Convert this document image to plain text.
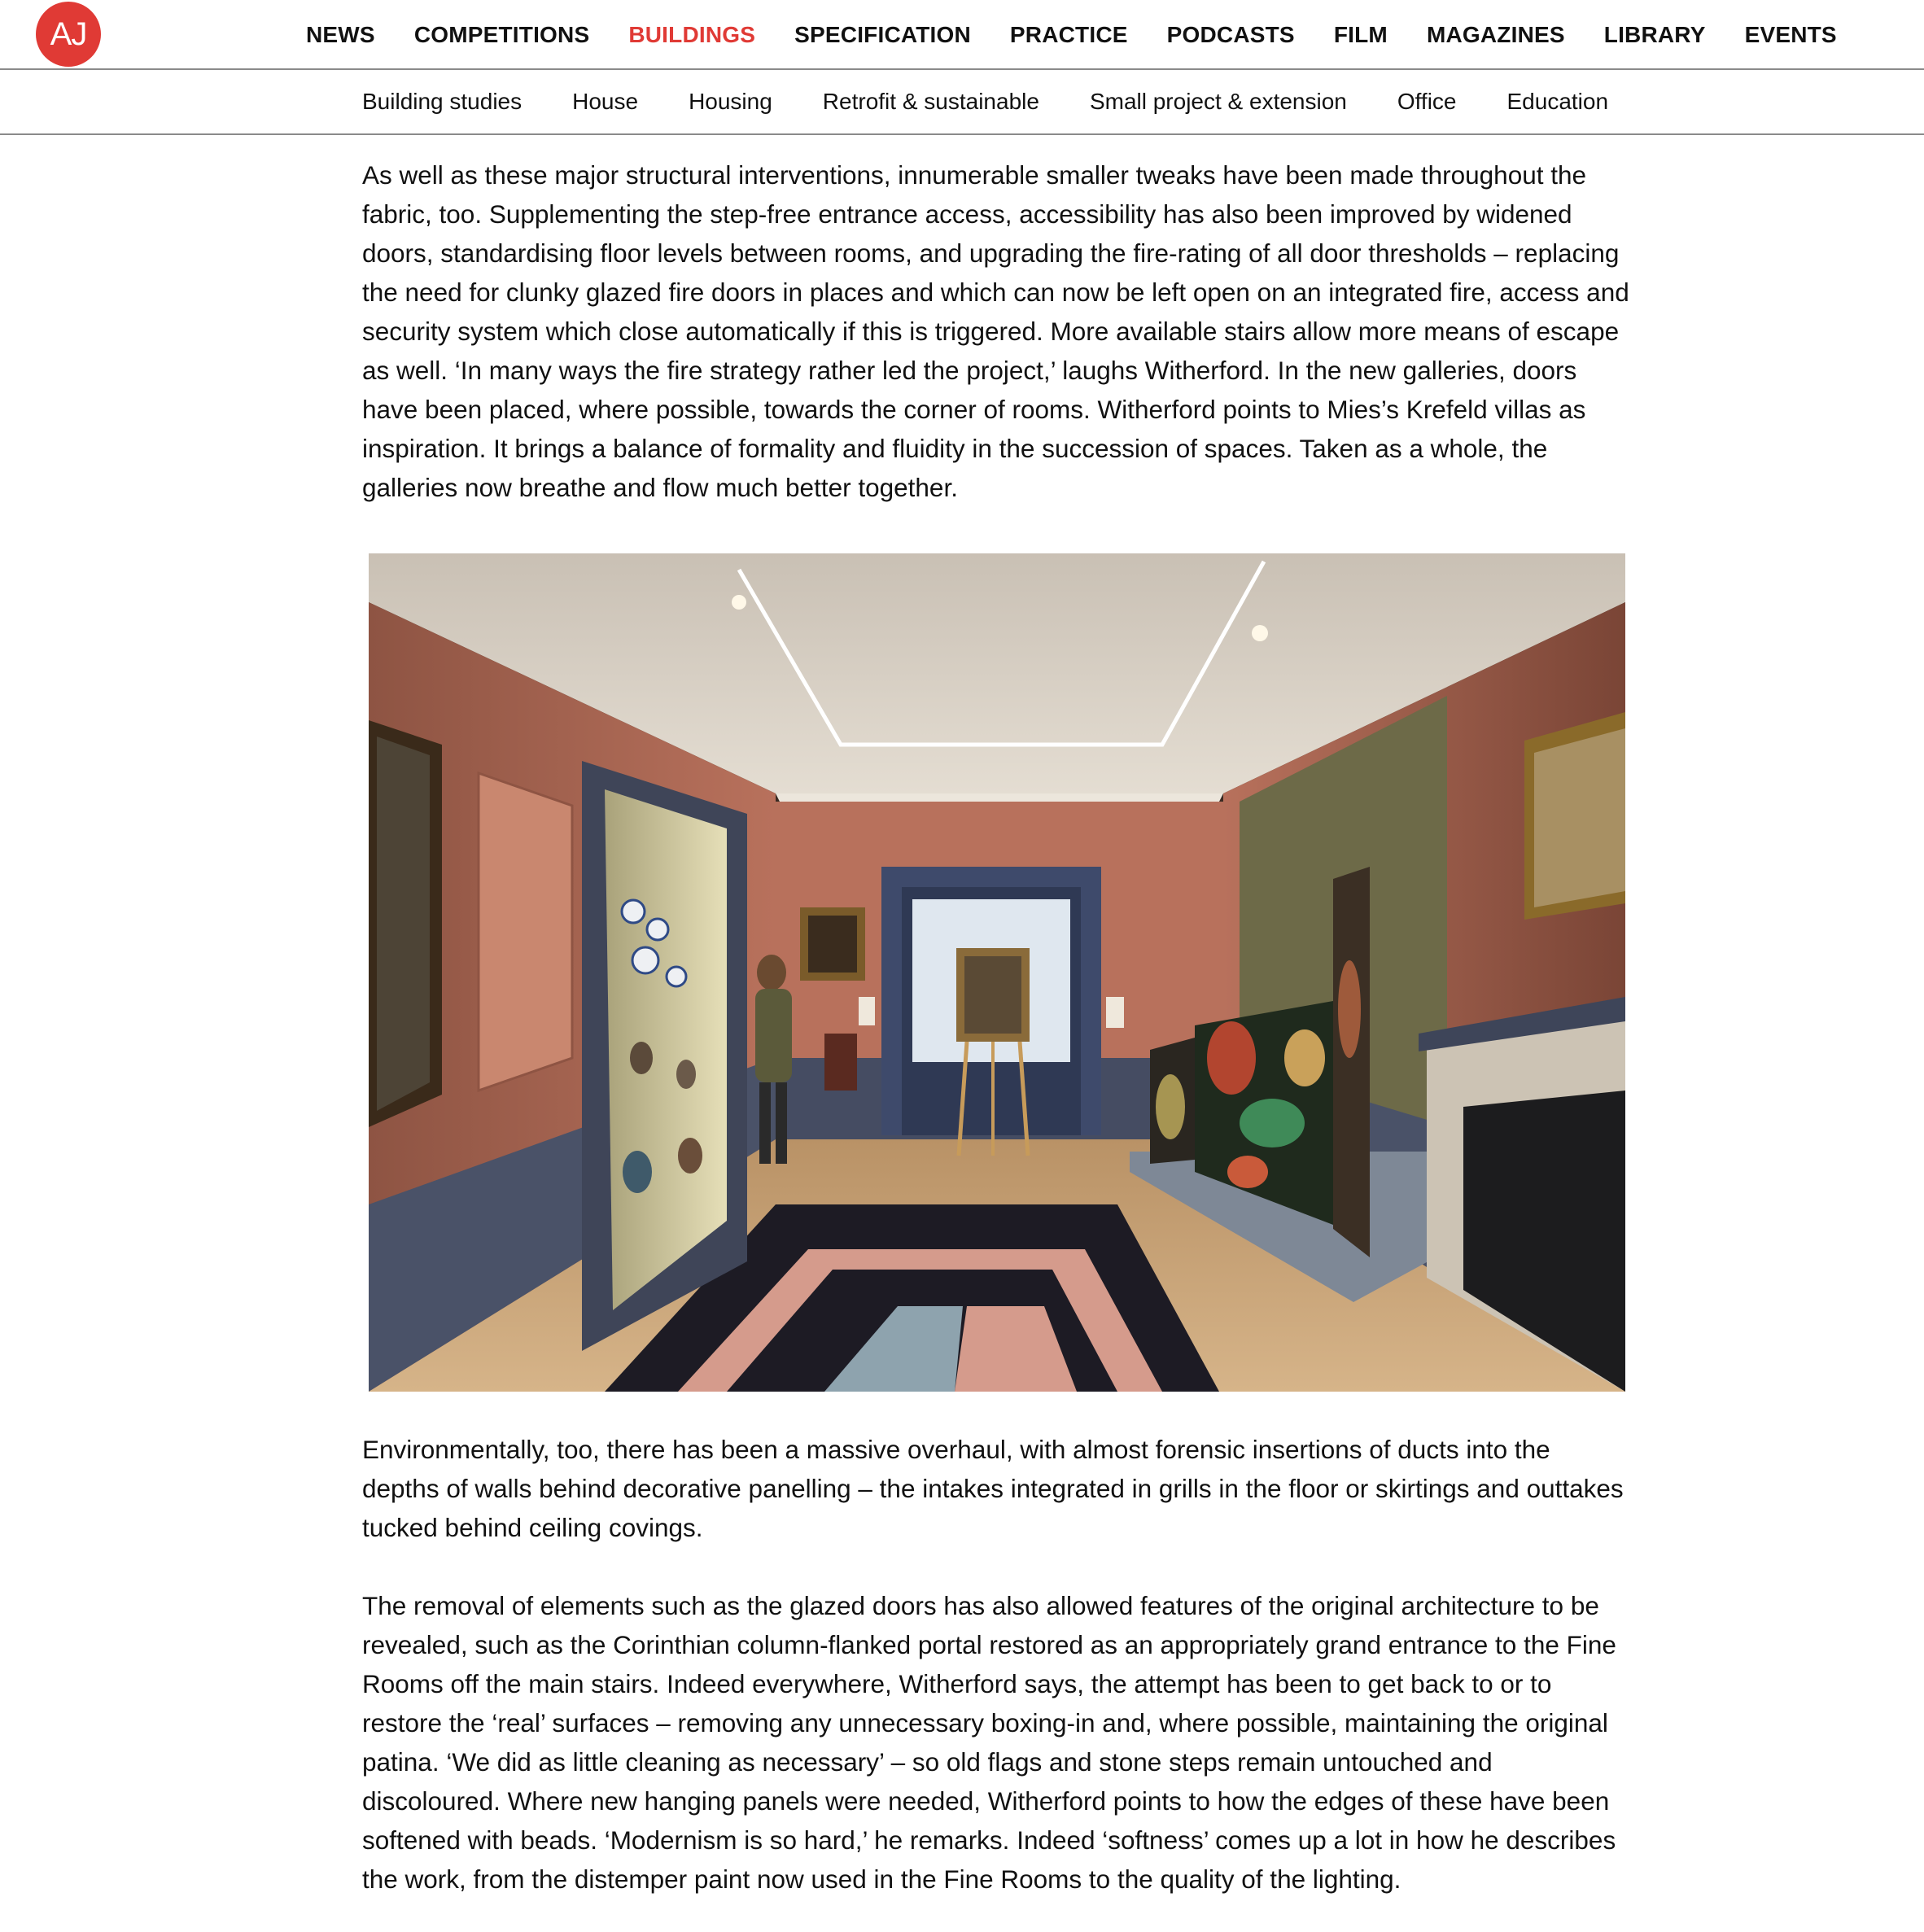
AJ	NEWS COMPETITIONS BUILDINGS SPECIFICATION PRACTICE PODCASTS FILM MAGAZINES LIBRARY EVENTS
Building studies House Housing Retrofit & sustainable Small project & extension Office Education

As well as these major structural interventions, innumerable smaller tweaks have been made throughout the fabric, too. Supplementing the step-free entrance access, accessibility has also been improved by widened doors, standardising floor levels between rooms, and upgrading the fire-rating of all door thresholds – replacing the need for clunky glazed fire doors in places and which can now be left open on an integrated fire, access and security system which close automatically if this is triggered. More available stairs allow more means of escape as well. ‘In many ways the fire strategy rather led the project,’ laughs Witherford. In the new galleries, doors have been placed, where possible, towards the corner of rooms. Witherford points to Mies’s Krefeld villas as inspiration. It brings a balance of formality and fluidity in the succession of spaces. Taken as a whole, the galleries now breathe and flow much better together.

Environmentally, too, there has been a massive overhaul, with almost forensic insertions of ducts into the depths of walls behind decorative panelling – the intakes integrated in grills in the floor or skirtings and outtakes tucked behind ceiling covings.

The removal of elements such as the glazed doors has also allowed features of the original architecture to be revealed, such as the Corinthian column-flanked portal restored as an appropriately grand entrance to the Fine Rooms off the main stairs. Indeed everywhere, Witherford says, the attempt has been to get back to or to restore the ‘real’ surfaces – removing any unnecessary boxing-in and, where possible, maintaining the original patina. ‘We did as little cleaning as necessary’ – so old flags and stone steps remain untouched and discoloured. Where new hanging panels were needed, Witherford points to how the edges of these have been softened with beads. ‘Modernism is so hard,’ he remarks. Indeed ‘softness’ comes up a lot in how he describes the work, from the distemper paint now used in the Fine Rooms to the quality of the lighting.
